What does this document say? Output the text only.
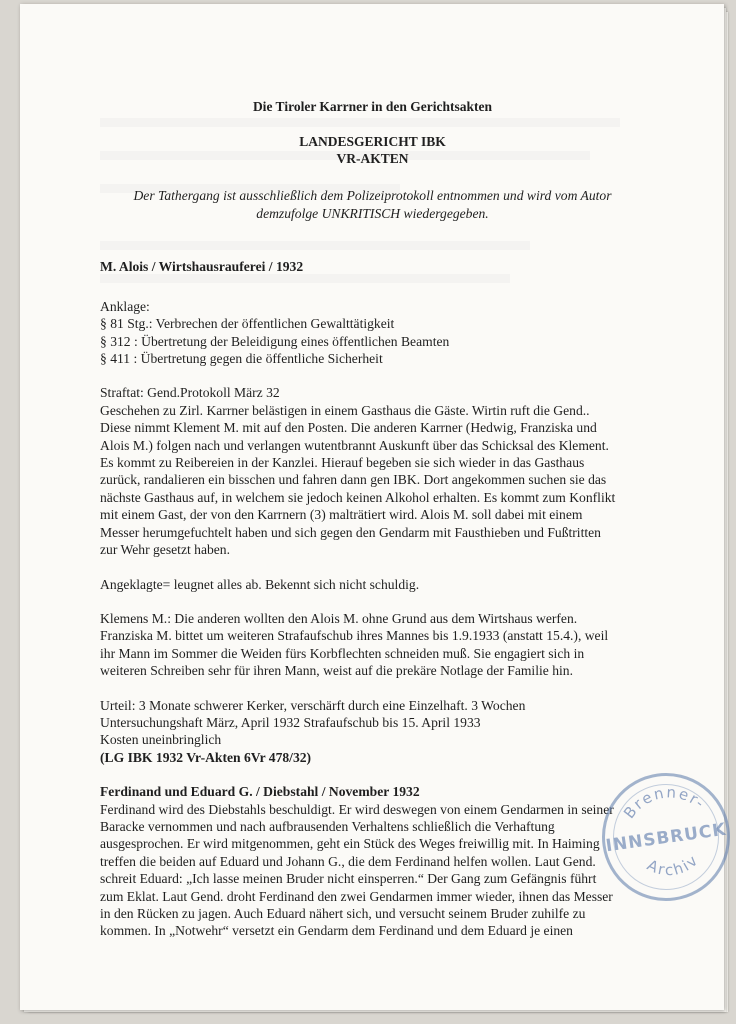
Die Tiroler Karrner in den Gerichtsakten

LANDESGERICHT IBK
VR-AKTEN

Der Tathergang ist ausschließlich dem Polizeiprotokoll entnommen und wird vom Autor
demzufolge UNKRITISCH wiedergegeben.

M. Alois / Wirtshausrauferei / 1932

Anklage:

§ 81 Stg.: Verbrechen der öffentlichen Gewalttätigkeit

§ 312 : Übertretung der Beleidigung eines öffentlichen Beamten

§ 411 : Übertretung gegen die öffentliche Sicherheit

Straftat: Gend.Protokoll März 32

Geschehen zu Zirl. Karrner belästigen in einem Gasthaus die Gäste. Wirtin ruft die Gend..

Diese nimmt Klement M. mit auf den Posten. Die anderen Karrner (Hedwig, Franziska und

Alois M.) folgen nach und verlangen wutentbrannt Auskunft über das Schicksal des Klement.

Es kommt zu Reibereien in der Kanzlei. Hierauf begeben sie sich wieder in das Gasthaus

zurück, randalieren ein bisschen und fahren dann gen IBK. Dort angekommen suchen sie das

nächste Gasthaus auf, in welchem sie jedoch keinen Alkohol erhalten. Es kommt zum Konflikt

mit einem Gast, der von den Karrnern (3) malträtiert wird. Alois M. soll dabei mit einem

Messer herumgefuchtelt haben und sich gegen den Gendarm mit Fausthieben und Fußtritten

zur Wehr gesetzt haben.

Angeklagte= leugnet alles ab. Bekennt sich nicht schuldig.

Klemens M.: Die anderen wollten den Alois M. ohne Grund aus dem Wirtshaus werfen.

Franziska M. bittet um weiteren Strafaufschub ihres Mannes bis 1.9.1933 (anstatt 15.4.), weil

ihr Mann im Sommer die Weiden fürs Korbflechten schneiden muß. Sie engagiert sich in

weiteren Schreiben sehr für ihren Mann, weist auf die prekäre Notlage der Familie hin.

Urteil: 3 Monate schwerer Kerker, verschärft durch eine Einzelhaft. 3 Wochen

Untersuchungshaft März, April 1932 Strafaufschub bis 15. April 1933

Kosten uneinbringlich

(LG IBK 1932 Vr-Akten 6Vr 478/32)

Ferdinand und Eduard G. / Diebstahl / November 1932

Ferdinand wird des Diebstahls beschuldigt. Er wird deswegen von einem Gendarmen in seiner

Baracke vernommen und nach aufbrausenden Verhaltens schließlich die Verhaftung

ausgesprochen. Er wird mitgenommen, geht ein Stück des Weges freiwillig mit. In Haiming

treffen die beiden auf Eduard und Johann G., die dem Ferdinand helfen wollen. Laut Gend.

schreit Eduard: „Ich lasse meinen Bruder nicht einsperren.“ Der Gang zum Gefängnis führt

zum Eklat. Laut Gend. droht Ferdinand den zwei Gendarmen immer wieder, ihnen das Messer

in den Rücken zu jagen. Auch Eduard nähert sich, und versucht seinem Bruder zuhilfe zu

kommen. In „Notwehr“ versetzt ein Gendarm dem Ferdinand und dem Eduard je einen

Brenner-
Archiv
INNSBRUCK
